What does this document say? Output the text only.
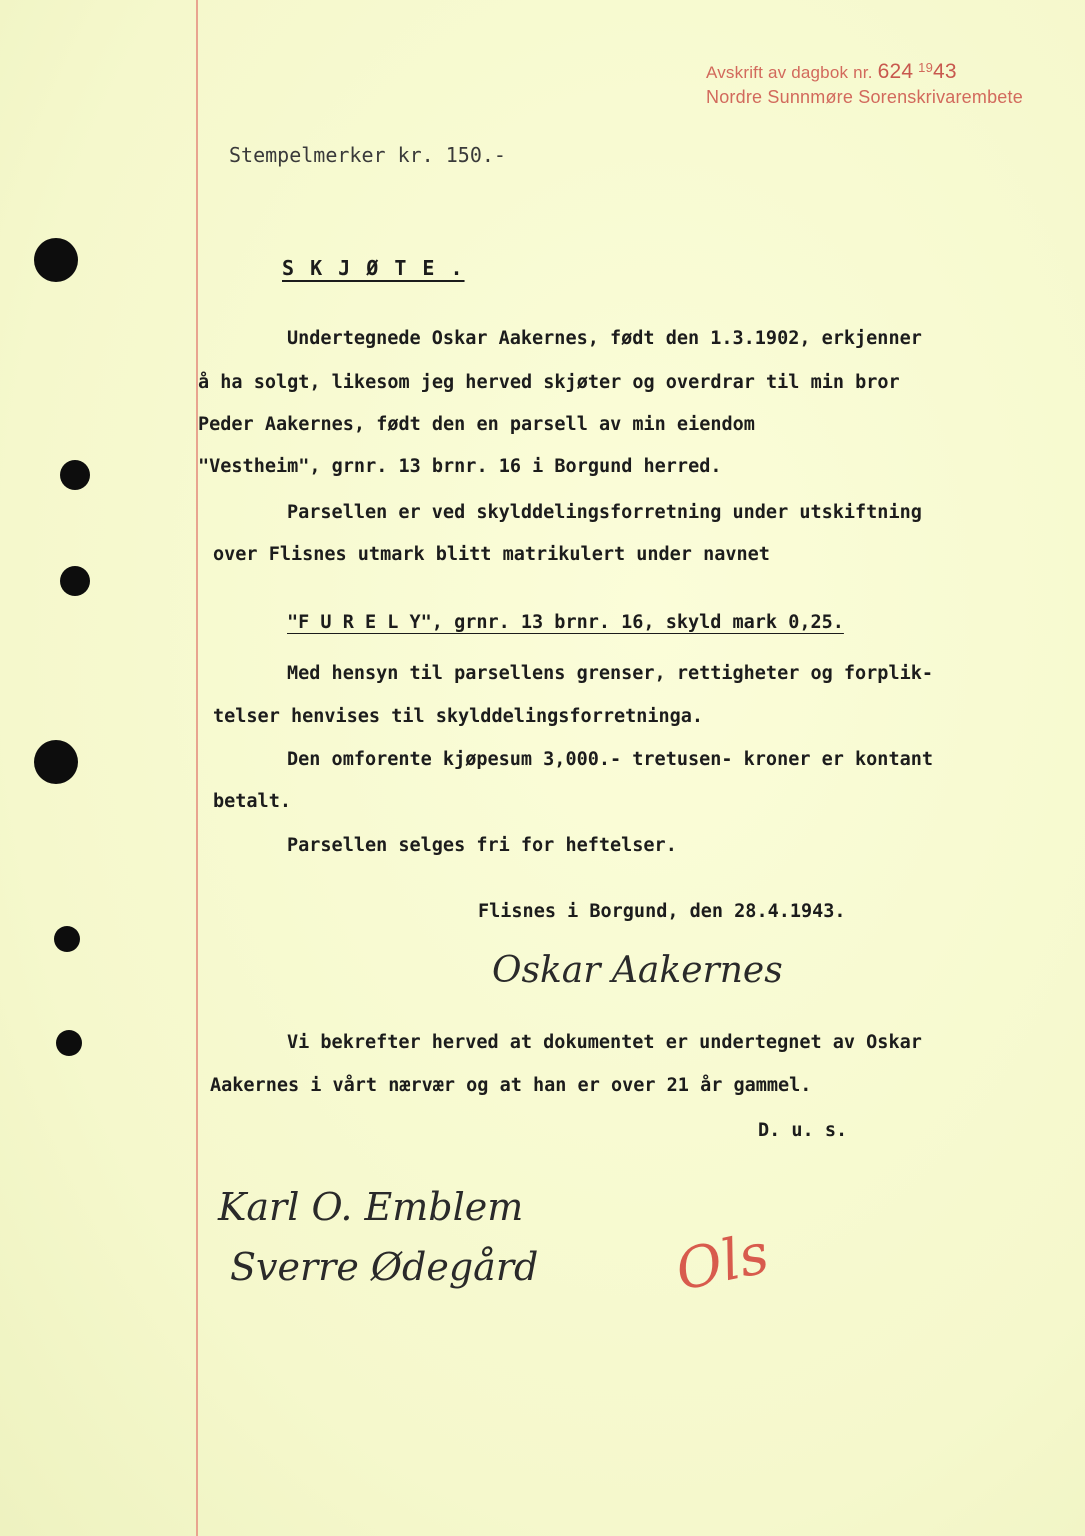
Avskrift av dagbok nr. 624 $^{19}$43
Nordre Sunnmøre Sorenskrivarembete
Stempelmerker kr. 150.-
S K J Ø T E .
Undertegnede Oskar Aakernes, født den 1.3.1902, erkjenner
å ha solgt, likesom jeg herved skjøter og overdrar til min bror
Peder Aakernes, født den en parsell av min eiendom
"Vestheim", grnr. 13 brnr. 16 i Borgund herred.
Parsellen er ved skylddelingsforretning under utskiftning
over Flisnes utmark blitt matrikulert under navnet
"F U R E L Y", grnr. 13 brnr. 16, skyld mark 0,25.
Med hensyn til parsellens grenser, rettigheter og forplik-
telser henvises til skylddelingsforretninga.
Den omforente kjøpesum 3,000.- tretusen- kroner er kontant
betalt.
Parsellen selges fri for heftelser.
Flisnes i Borgund, den 28.4.1943.
Oskar Aakernes
Vi bekrefter herved at dokumentet er undertegnet av Oskar
Aakernes i vårt nærvær og at han er over 21 år gammel.
D. u. s.
Karl O. Emblem
Sverre Ødegård Ols
